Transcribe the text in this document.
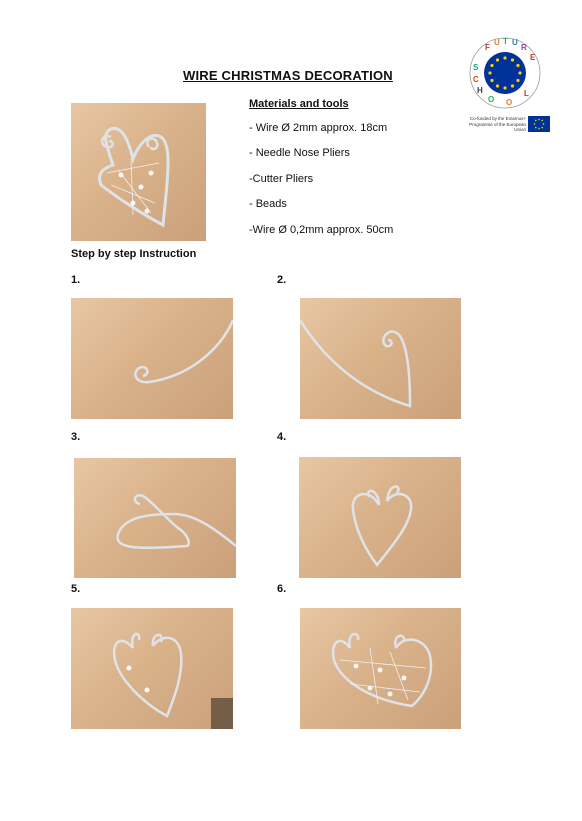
WIRE CHRISTMAS DECORATION
F
U T U
R
E
S
C
H
O O
L
Co-funded by the Erasmus+ Programme of the European Union
Materials and tools
- Wire Ø 2mm approx. 18cm
- Needle Nose Pliers
-Cutter Pliers
- Beads
-Wire Ø 0,2mm approx. 50cm
Step by step Instruction
1.	2.
3.	4.
5.	6.
